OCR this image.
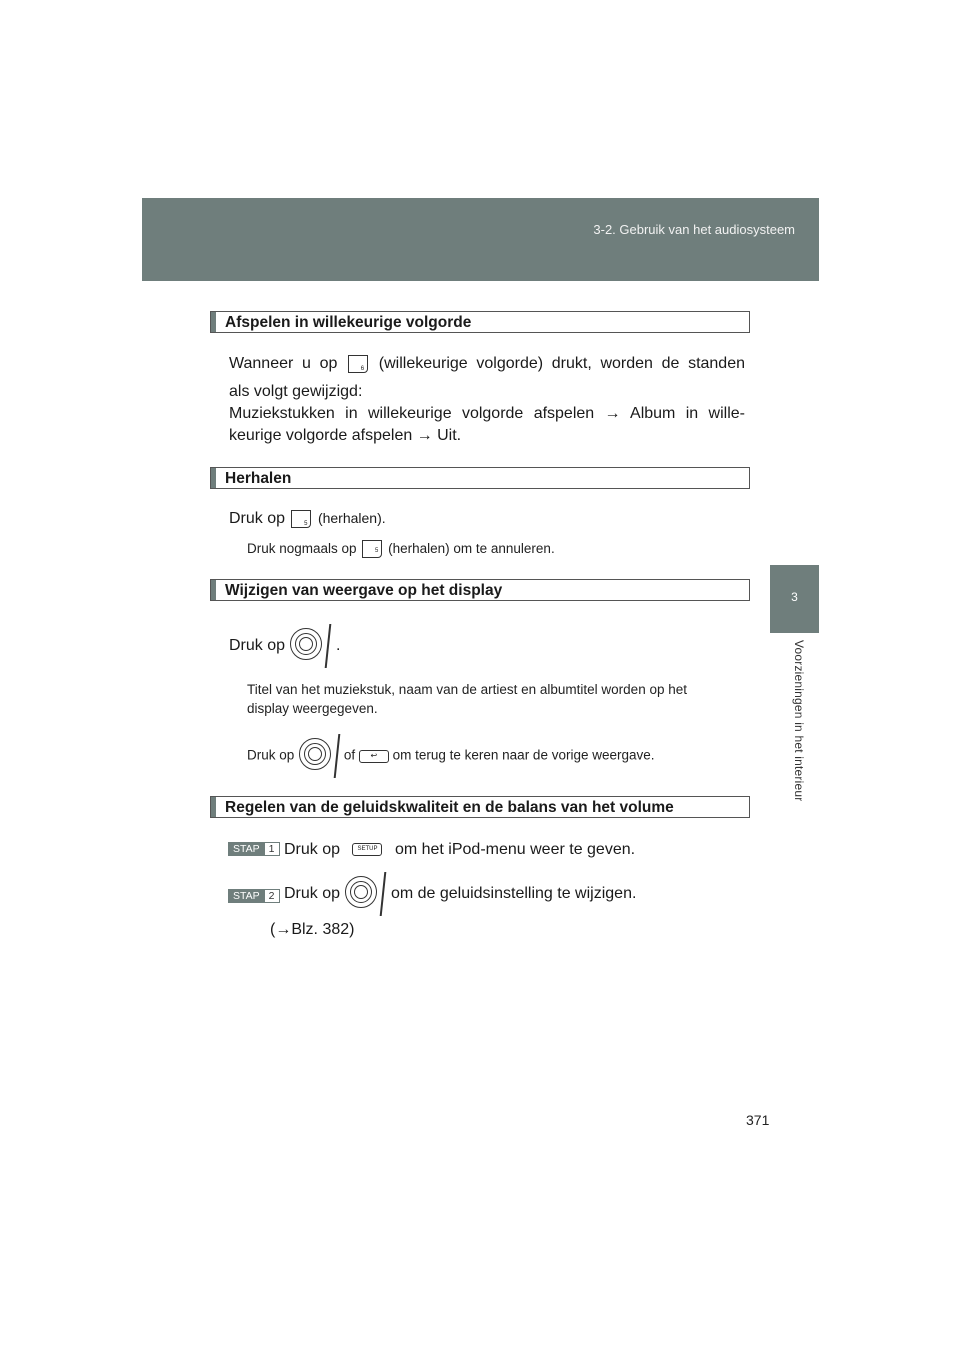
3-2. Gebruik van het audiosysteem
3
Voorzieningen in het interieur
Afspelen in willekeurige volgorde
Wanneer u op	6 (willekeurige volgorde) drukt, worden de standen
als volgt gewijzigd:
Muziekstukken in willekeurige volgorde afspelen → Album in wille-
keurige volgorde afspelen → Uit.
Herhalen
Druk op	5 (herhalen).
Druk nogmaals op	5 (herhalen) om te annuleren.
Wijzigen van weergave op het display
Druk op	.
Titel van het muziekstuk, naam van de artiest en albumtitel worden op het
display weergegeven.
Druk op	of	↩	om terug te keren naar de vorige weergave.
Regelen van de geluidskwaliteit en de balans van het volume
STAP 1 Druk op	SETUP om het iPod-menu weer te geven.
STAP 2 Druk op	om de geluidsinstelling te wijzigen.
(→Blz. 382)
371
